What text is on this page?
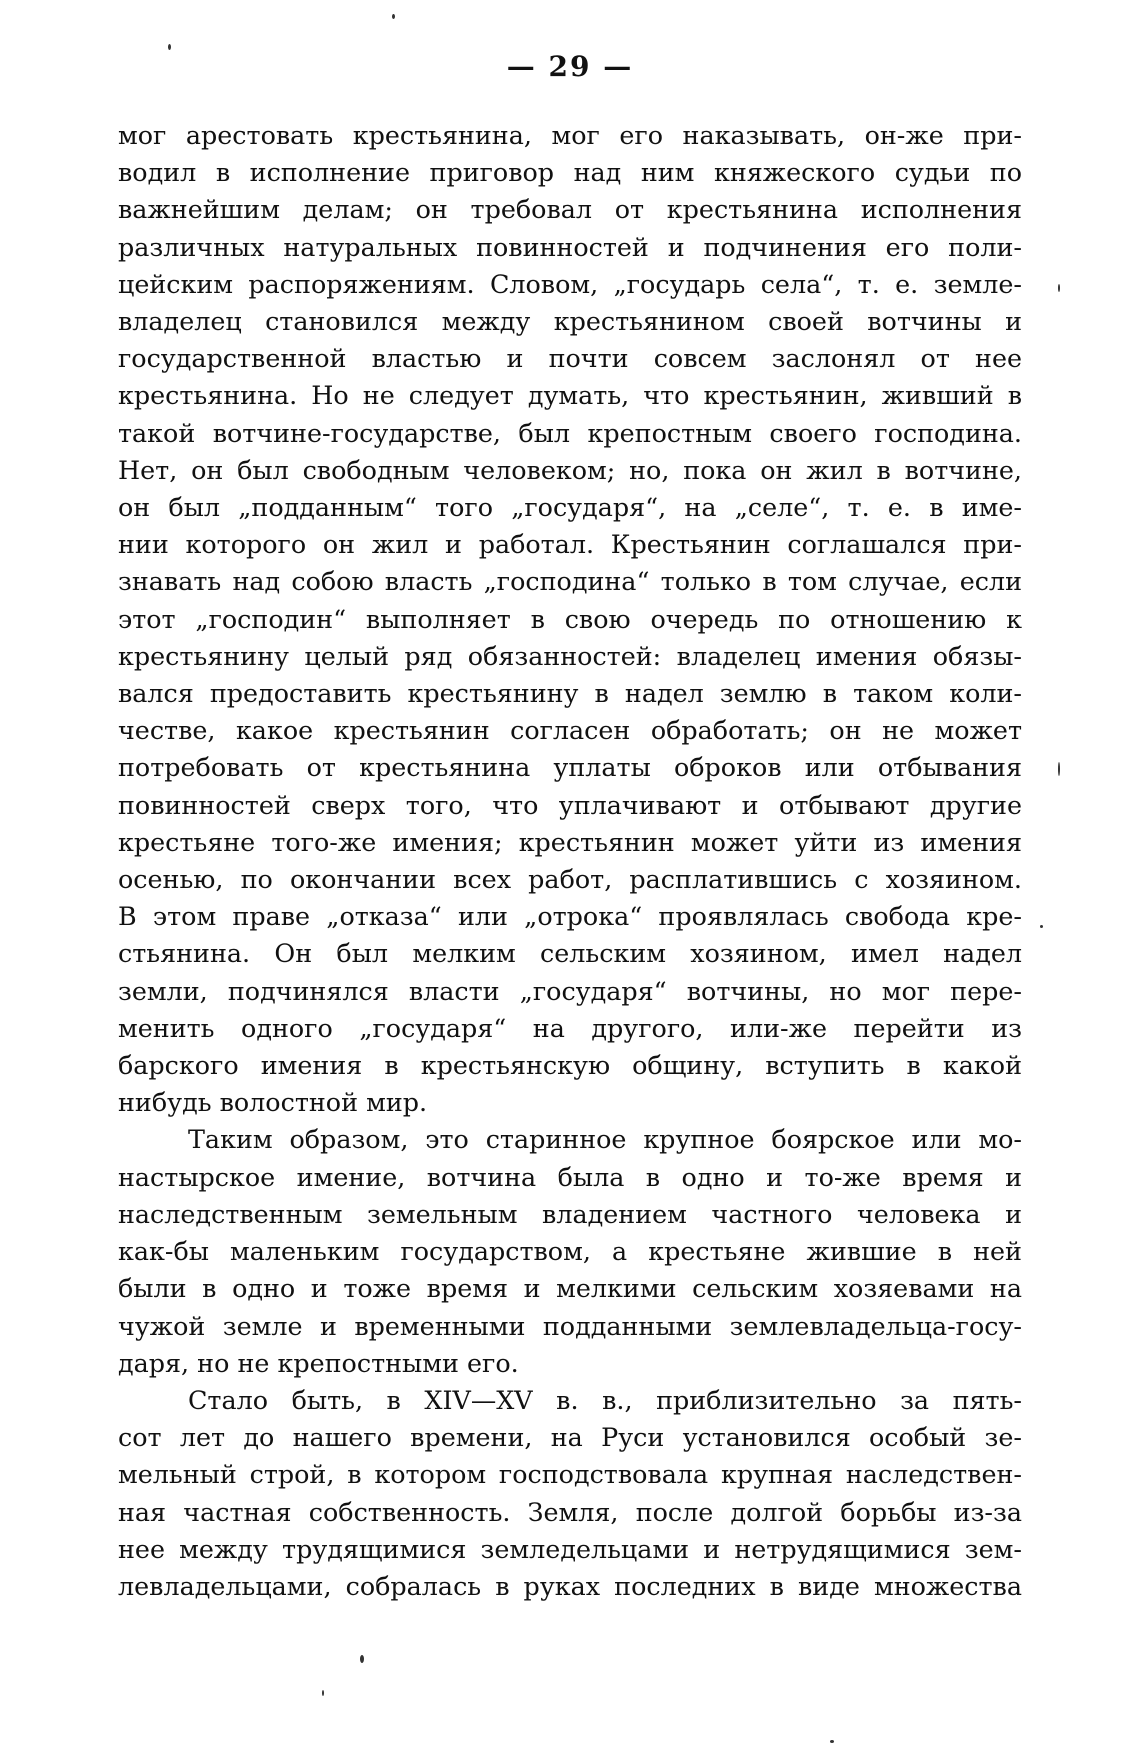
— 29 —
мог арестовать крестьянина, мог его наказывать, он-же при-
водил в исполнение приговор над ним княжеского судьи по
важнейшим делам; он требовал от крестьянина исполнения
различных натуральных повинностей и подчинения его поли-
цейским распоряжениям. Словом, „государь села“, т. е. земле-
владелец становился между крестьянином своей вотчины и
государственной властью и почти совсем заслонял от нее
крестьянина. Но не следует думать, что крестьянин, живший в
такой вотчине-государстве, был крепостным своего господина.
Нет, он был свободным человеком; но, пока он жил в вотчине,
он был „подданным“ того „государя“, на „селе“, т. е. в име-
нии которого он жил и работал. Крестьянин соглашался при-
знавать над собою власть „господина“ только в том случае, если
этот „господин“ выполняет в свою очередь по отношению к
крестьянину целый ряд обязанностей: владелец имения обязы-
вался предоставить крестьянину в надел землю в таком коли-
честве, какое крестьянин согласен обработать; он не может
потребовать от крестьянина уплаты оброков или отбывания
повинностей сверх того, что уплачивают и отбывают другие
крестьяне того-же имения; крестьянин может уйти из имения
осенью, по окончании всех работ, расплатившись с хозяином.
В этом праве „отказа“ или „отрока“ проявлялась свобода кре-
стьянина. Он был мелким сельским хозяином, имел надел
земли, подчинялся власти „государя“ вотчины, но мог пере-
менить одного „государя“ на другого, или-же перейти из
барского имения в крестьянскую общину, вступить в какой
нибудь волостной мир.
Таким образом, это старинное крупное боярское или мо-
настырское имение, вотчина была в одно и то-же время и
наследственным земельным владением частного человека и
как-бы маленьким государством, а крестьяне жившие в ней
были в одно и тоже время и мелкими сельским хозяевами на
чужой земле и временными подданными землевладельца-госу-
даря, но не крепостными его.
Стало быть, в XIV—XV в. в., приблизительно за пять-
сот лет до нашего времени, на Руси установился особый зе-
мельный строй, в котором господствовала крупная наследствен-
ная частная собственность. Земля, после долгой борьбы из-за
нее между трудящимися земледельцами и нетрудящимися зем-
левладельцами, собралась в руках последних в виде множества
